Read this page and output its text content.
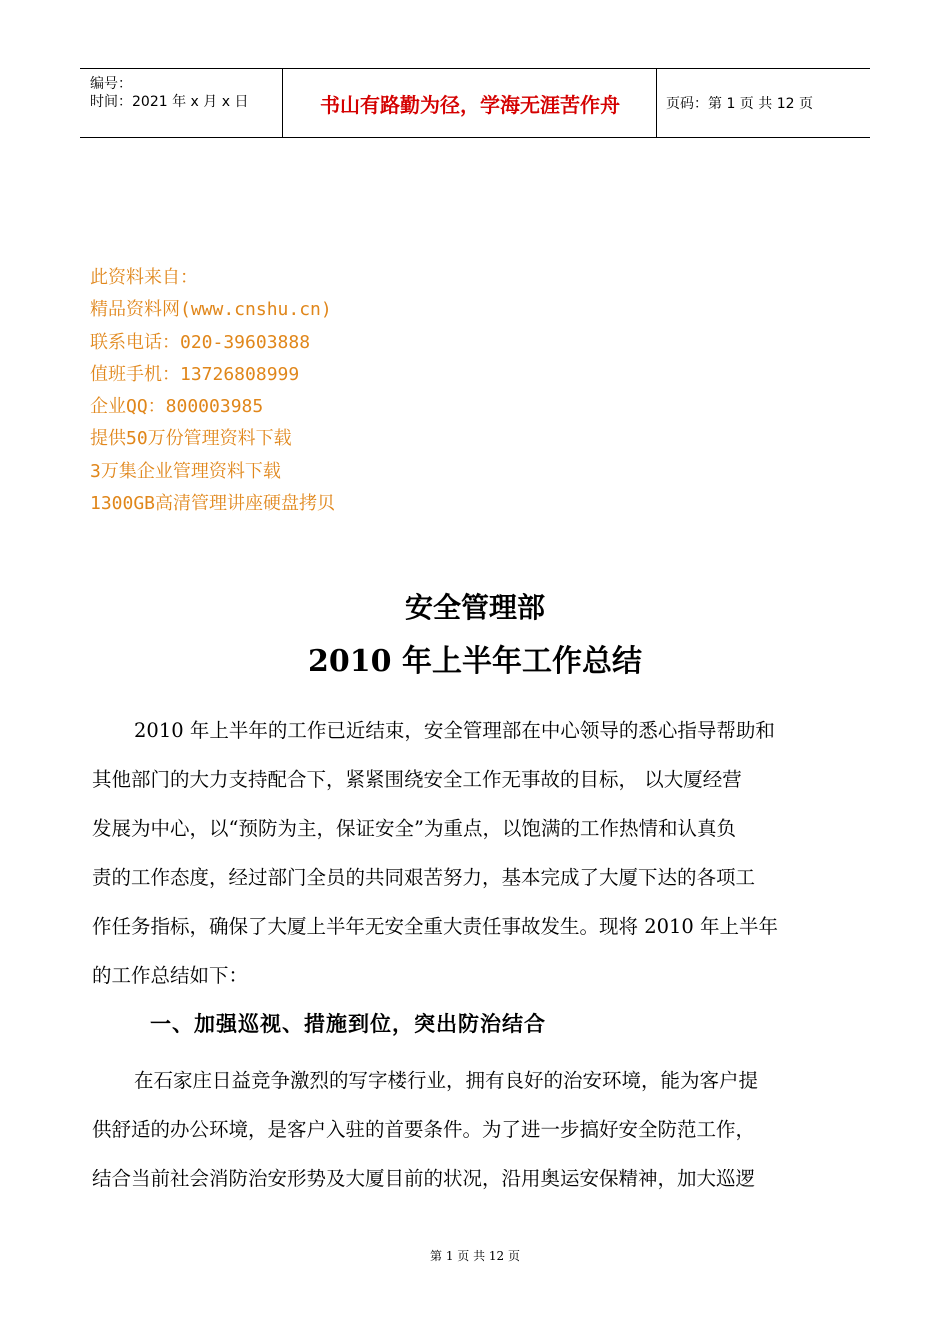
编号：
时间：2021 年 x 月 x 日	书山有路勤为径，学海无涯苦作舟	页码：第 1 页 共 12 页
此资料来自：
精品资料网(www.cnshu.cn)
联系电话：020-39603888
值班手机：13726808999
企业QQ：800003985
提供50万份管理资料下载
3万集企业管理资料下载
1300GB高清管理讲座硬盘拷贝
安全管理部
2010 年上半年工作总结
2010 年上半年的工作已近结束，安全管理部在中心领导的悉心指导帮助和
其他部门的大力支持配合下，紧紧围绕安全工作无事故的目标， 以大厦经营
发展为中心，以“预防为主，保证安全”为重点，以饱满的工作热情和认真负
责的工作态度，经过部门全员的共同艰苦努力，基本完成了大厦下达的各项工
作任务指标，确保了大厦上半年无安全重大责任事故发生。现将 2010 年上半年
的工作总结如下：
一、加强巡视、措施到位，突出防治结合
在石家庄日益竞争激烈的写字楼行业，拥有良好的治安环境，能为客户提
供舒适的办公环境，是客户入驻的首要条件。为了进一步搞好安全防范工作，
结合当前社会消防治安形势及大厦目前的状况，沿用奥运安保精神，加大巡逻
第 1 页 共 12 页
